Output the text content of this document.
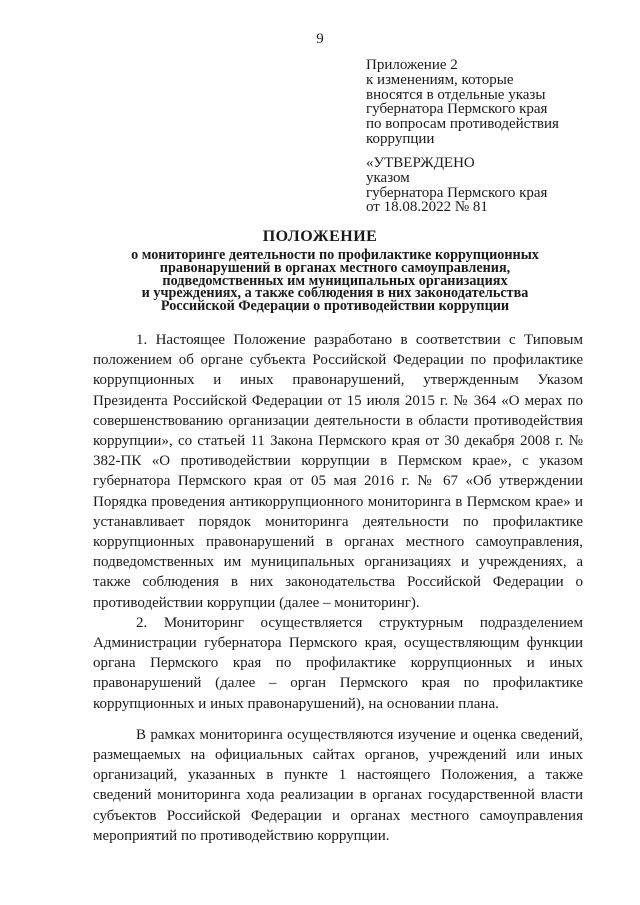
9
Приложение 2
к изменениям, которые
вносятся в отдельные указы
губернатора Пермского края
по вопросам противодействия
коррупции
«УТВЕРЖДЕНО
указом
губернатора Пермского края
от 18.08.2022 № 81
ПОЛОЖЕНИЕ
о мониторинге деятельности по профилактике коррупционных
правонарушений в органах местного самоуправления,
подведомственных им муниципальных организациях
и учреждениях, а также соблюдения в них законодательства
Российской Федерации о противодействии коррупции

1. Настоящее Положение разработано в соответствии с Типовым положением об органе субъекта Российской Федерации по профилактике коррупционных и иных правонарушений, утвержденным Указом Президента Российской Федерации от 15 июля 2015 г. № 364 «О мерах по совершенствованию организации деятельности в области противодействия коррупции», со статьей 11 Закона Пермского края от 30 декабря 2008 г. № 382-ПК «О противодействии коррупции в Пермском крае», с указом губернатора Пермского края от 05 мая 2016 г. № 67 «Об утверждении Порядка проведения антикоррупционного мониторинга в Пермском крае» и устанавливает порядок мониторинга деятельности по профилактике коррупционных правонарушений в органах местного самоуправления, подведомственных им муниципальных организациях и учреждениях, а также соблюдения в них законодательства Российской Федерации о противодействии коррупции (далее – мониторинг).

2. Мониторинг осуществляется структурным подразделением Администрации губернатора Пермского края, осуществляющим функции органа Пермского края по профилактике коррупционных и иных правонарушений (далее – орган Пермского края по профилактике коррупционных и иных правонарушений), на основании плана.

В рамках мониторинга осуществляются изучение и оценка сведений, размещаемых на официальных сайтах органов, учреждений или иных организаций, указанных в пункте 1 настоящего Положения, а также сведений мониторинга хода реализации в органах государственной власти субъектов Российской Федерации и органах местного самоуправления мероприятий по противодействию коррупции.
